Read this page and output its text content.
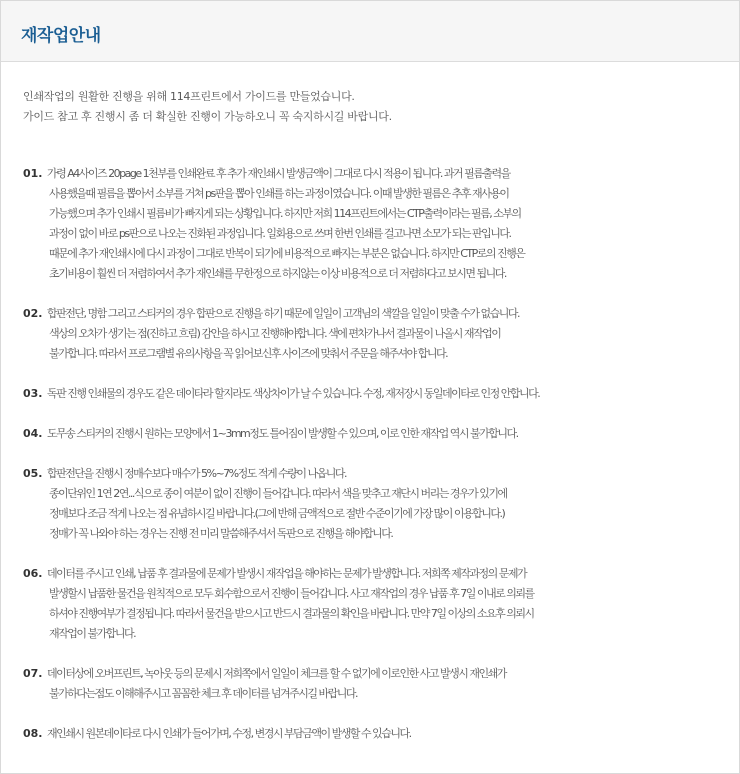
재작업안내

인쇄작업의 원활한 진행을 위해 114프린트에서 가이드를 만들었습니다.

가이드 참고 후 진행시 좀 더 확실한 진행이 가능하오니 꼭 숙지하시길 바랍니다.

01. 가령 A4사이즈 20page 1천부를 인쇄완료 후 추가 재인쇄시 발생금액이 그대로 다시 적용이 됩니다. 과거 필름출력을
사용했을때 필름을 뽑아서 소부를 거쳐 ps판을 뽑아 인쇄를 하는 과정이였습니다. 이때 발생한 필름은 추후 재사용이
가능했으며 추가 인쇄시 필름비가 빠지게 되는 상황입니다. 하지만 저희 114프린트에서는 CTP출력이라는 필름, 소부의
과정이 없이 바로 ps판으로 나오는 진화된 과정입니다. 일회용으로 쓰며 한번 인쇄를 걸고나면 소모가 되는 판입니다.
때문에 추가 재인쇄시에 다시 과정이 그대로 반복이 되기에 비용적으로 빠지는 부분은 없습니다. 하지만 CTP로의 진행은
초기비용이 훨씬 더 저렴하여서 추가 재인쇄를 무한정으로 하지않는 이상 비용적으로 더 저렴하다고 보시면 됩니다.
02. 합판전단, 명함 그리고 스티커의 경우 합판으로 진행을 하기 때문에 일일이 고객님의 색깔을 일일이 맞출 수가 없습니다.
색상의 오차가 생기는 점(진하고 흐림) 감안을 하시고 진행해야합니다. 색에 편차가나서 결과물이 나올시 재작업이
불가합니다. 따라서 프로그램별 유의사항을 꼭 읽어보신후 사이즈에 맞춰서 주문을 해주셔야 합니다.
03. 독판 진행 인쇄물의 경우도 같은 데이타라 할지라도 색상차이가 날 수 있습니다. 수정, 재저장시 동일데이타로 인정 안합니다.
04. 도무송 스티커의 진행시 원하는 모양에서 1~3mm정도 틀어짐이 발생할 수 있으며, 이로 인한 재작업 역시 불가합니다.
05. 합판전단을 진행시 정매수보다 매수가 5%~7%정도 적게 수량이 나옵니다.
종이단위인 1연 2연...식으로 종이 여분이 없이 진행이 들어갑니다. 따라서 색을 맞추고 재단시 버리는 경우가 있기에
정매보다 조금 적게 나오는 점 유념하시길 바랍니다.(그에 반해 금액적으로 절반 수준이기에 가장 많이 이용합니다.)
정매가 꼭 나와야 하는 경우는 진행 전 미리 말씀해주셔서 독판으로 진행을 해야합니다.
06. 데이터를 주시고 인쇄, 납품 후 결과물에 문제가 발생시 재작업을 해야하는 문제가 발생합니다. 저희쪽 제작과정의 문제가
발생할시 납품한 물건을 원칙적으로 모두 회수함으로서 진행이 들어갑니다. 사고 재작업의 경우 납품 후 7일 이내로 의뢰를
하셔야 진행여부가 결정됩니다. 따라서 물건을 받으시고 반드시 결과물의 확인을 바랍니다. 만약 7일 이상의 소요후 의뢰시
재작업이 불가합니다.
07. 데이터상에 오버프린트, 녹아웃 등의 문제시 저희쪽에서 일일이 체크를 할 수 없기에 이로인한 사고 발생시 재인쇄가
불가하다는점도 이해해주시고 꼼꼼한 체크 후 데이터를 넘겨주시길 바랍니다.
08. 재인쇄시 원본데이타로 다시 인쇄가 들어가며, 수정, 변경시 부담금액이 발생할 수 있습니다.
